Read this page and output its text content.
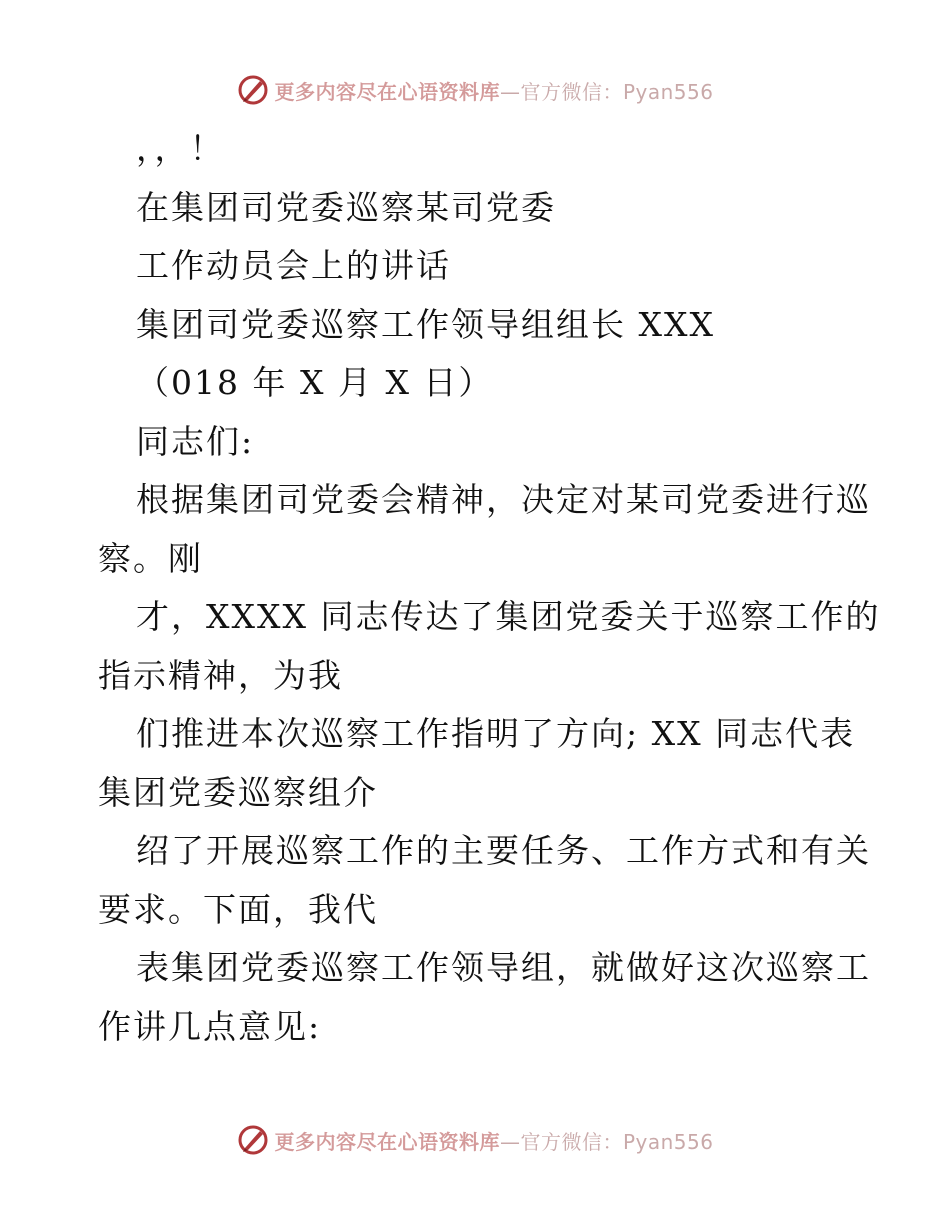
更多内容尽在心语资料库—官方微信：Pyan556
，，！
在集团司党委巡察某司党委
工作动员会上的讲话
集团司党委巡察工作领导组组长 XXX
（018 年 X 月 X 日）
同志们:
根据集团司党委会精神，决定对某司党委进行巡
察。刚
才，XXXX 同志传达了集团党委关于巡察工作的
指示精神，为我
们推进本次巡察工作指明了方向; XX 同志代表
集团党委巡察组介
绍了开展巡察工作的主要任务、工作方式和有关
要求。下面，我代
表集团党委巡察工作领导组，就做好这次巡察工
作讲几点意见:
更多内容尽在心语资料库—官方微信：Pyan556
